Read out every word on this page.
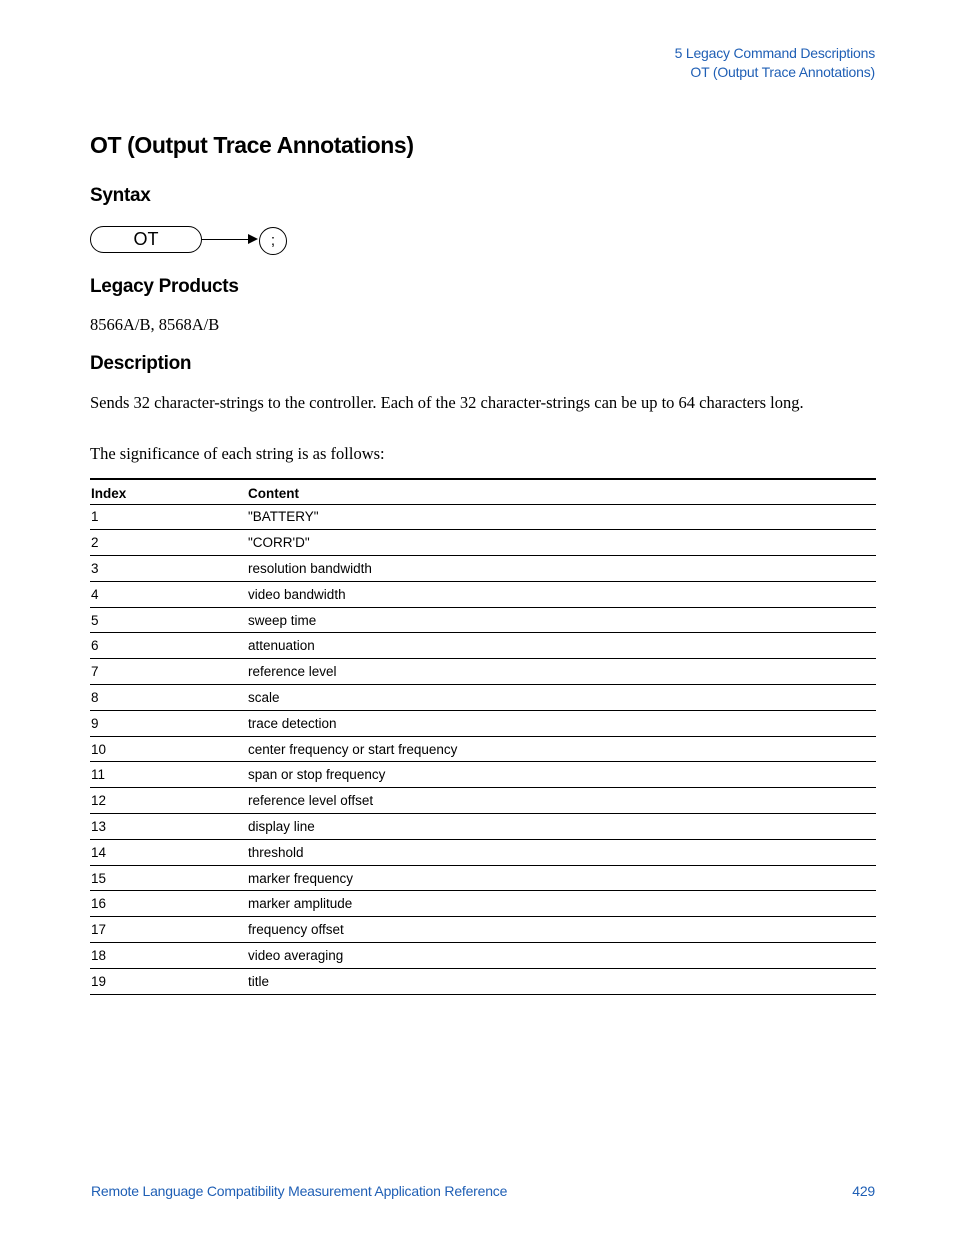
5 Legacy Command Descriptions
OT (Output Trace Annotations)
OT (Output Trace Annotations)
Syntax
OT	;
Legacy Products

8566A/B, 8568A/B

Description

Sends 32 character-strings to the controller. Each of the 32 character-strings can be up to 64 characters long.

The significance of each string is as follows:

Index	Content
1	"BATTERY"
2	"CORR'D"
3	resolution bandwidth
4	video bandwidth
5	sweep time
6	attenuation
7	reference level
8	scale
9	trace detection
10	center frequency or start frequency
11	span or stop frequency
12	reference level offset
13	display line
14	threshold
15	marker frequency
16	marker amplitude
17	frequency offset
18	video averaging
19	title
Remote Language Compatibility Measurement Application Reference	429
